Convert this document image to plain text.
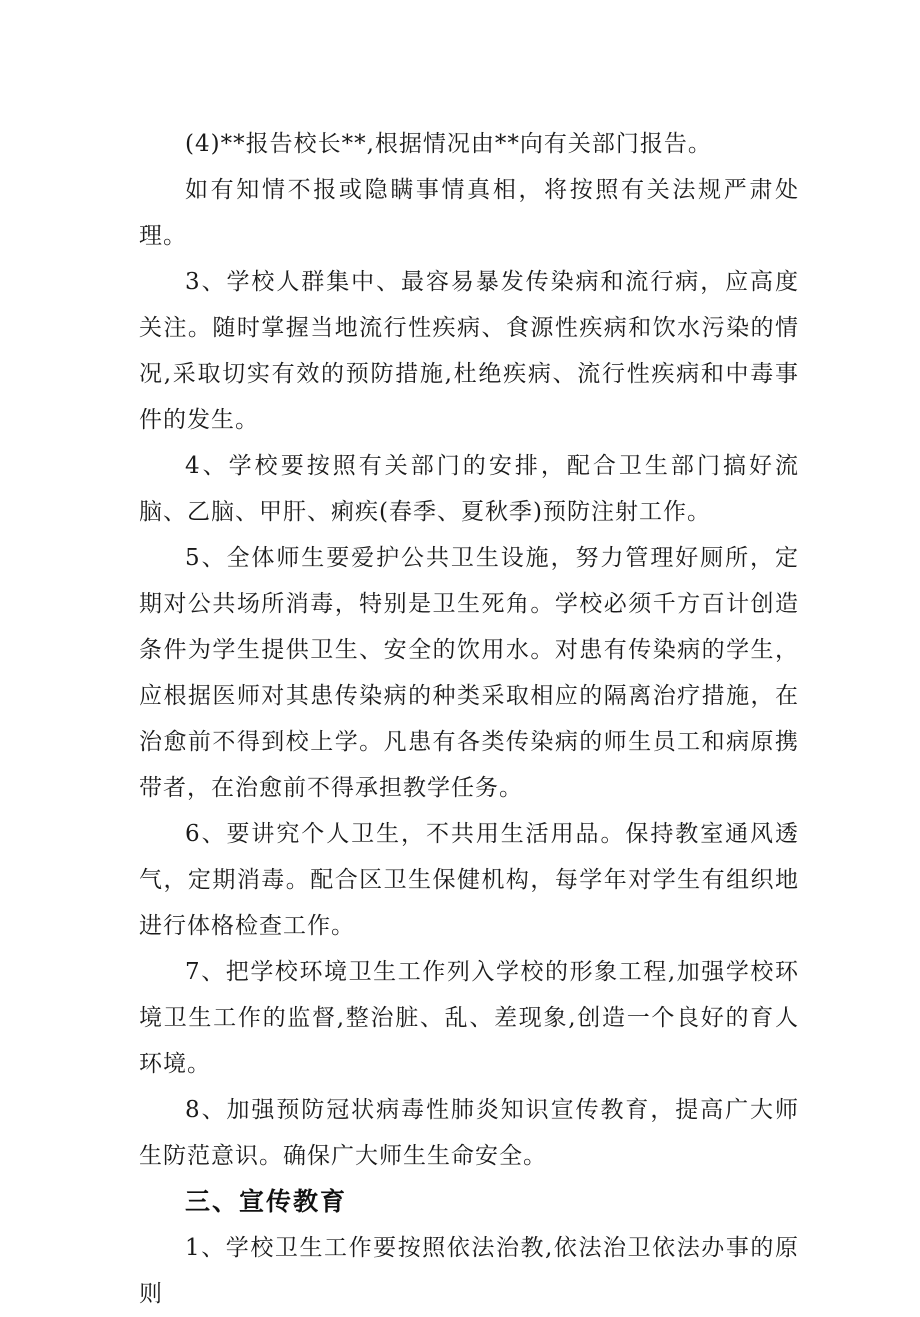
(4)**报告校长**,根据情况由**向有关部门报告。

如有知情不报或隐瞒事情真相，将按照有关法规严肃处理。

3、学校人群集中、最容易暴发传染病和流行病，应高度关注。随时掌握当地流行性疾病、食源性疾病和饮水污染的情况,采取切实有效的预防措施,杜绝疾病、流行性疾病和中毒事件的发生。

4、学校要按照有关部门的安排，配合卫生部门搞好流脑、乙脑、甲肝、痢疾(春季、夏秋季)预防注射工作。

5、全体师生要爱护公共卫生设施，努力管理好厕所，定期对公共场所消毒，特别是卫生死角。学校必须千方百计创造条件为学生提供卫生、安全的饮用水。对患有传染病的学生，应根据医师对其患传染病的种类采取相应的隔离治疗措施，在治愈前不得到校上学。凡患有各类传染病的师生员工和病原携带者，在治愈前不得承担教学任务。

6、要讲究个人卫生，不共用生活用品。保持教室通风透气，定期消毒。配合区卫生保健机构，每学年对学生有组织地进行体格检查工作。

7、把学校环境卫生工作列入学校的形象工程,加强学校环境卫生工作的监督,整治脏、乱、差现象,创造一个良好的育人环境。

8、加强预防冠状病毒性肺炎知识宣传教育，提高广大师生防范意识。确保广大师生生命安全。

三、宣传教育

1、学校卫生工作要按照依法治教,依法治卫依法办事的原则
